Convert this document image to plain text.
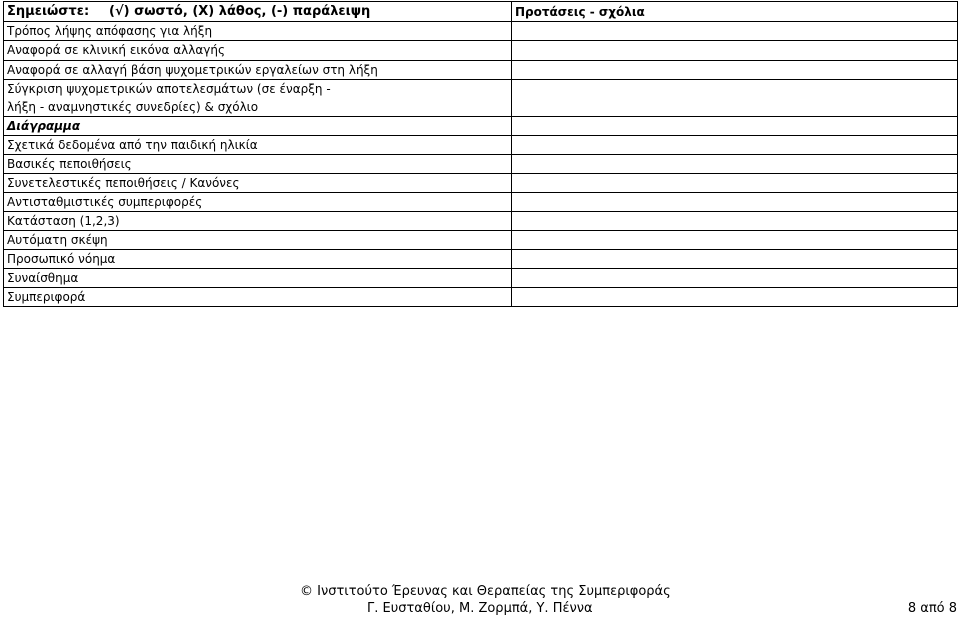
Σημειώστε: (√) σωστό, (Χ) λάθος, (-) παράλειψη	Προτάσεις - σχόλια
Τρόπος λήψης απόφασης για λήξη	
Αναφορά σε κλινική εικόνα αλλαγής	
Αναφορά σε αλλαγή βάση ψυχομετρικών εργαλείων στη λήξη	
Σύγκριση ψυχομετρικών αποτελεσμάτων (σε έναρξη -	
λήξη - αναμνηστικές συνεδρίες) & σχόλιο	
Διάγραμμα	
Σχετικά δεδομένα από την παιδική ηλικία	
Βασικές πεποιθήσεις	
Συνετελεστικές πεποιθήσεις / Κανόνες	
Αντισταθμιστικές συμπεριφορές	
Κατάσταση (1,2,3)	
Αυτόματη σκέψη	
Προσωπικό νόημα	
Συναίσθημα	
Συμπεριφορά	
© Ινστιτούτο Έρευνας και Θεραπείας της Συμπεριφοράς
Γ. Ευσταθίου, Μ. Ζορμπά, Υ. Πέννα	8 από 8
